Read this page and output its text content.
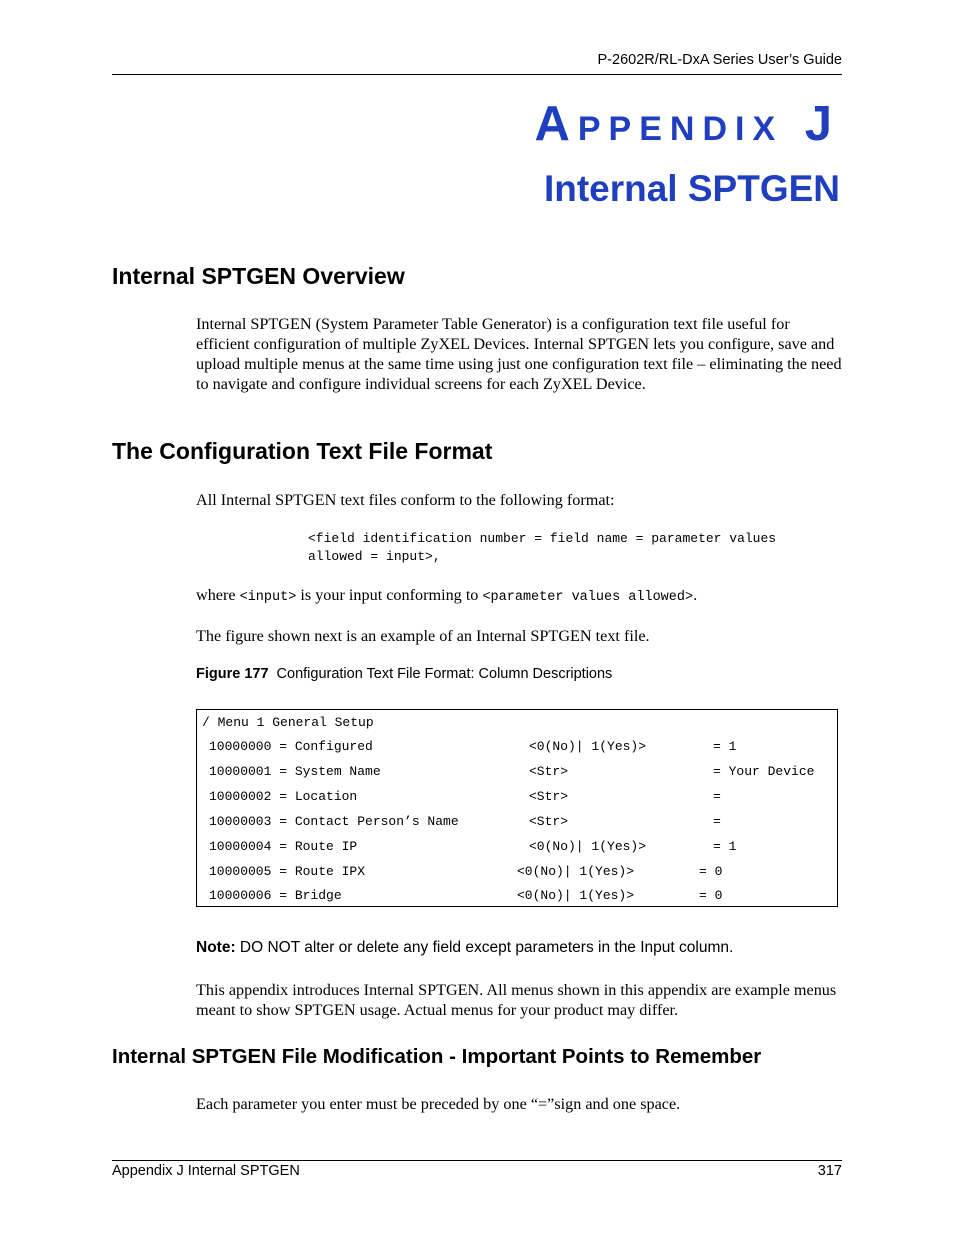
P-2602R/RL-DxA Series User’s Guide
Appendix J
Internal SPTGEN
Internal SPTGEN Overview
Internal SPTGEN (System Parameter Table Generator) is a configuration text file useful for efficient configuration of multiple ZyXEL Devices. Internal SPTGEN lets you configure, save and upload multiple menus at the same time using just one configuration text file – eliminating the need to navigate and configure individual screens for each ZyXEL Device.
The Configuration Text File Format
All Internal SPTGEN text files conform to the following format:
<field identification number = field name = parameter values
allowed = input>,
where <input> is your input conforming to <parameter values allowed>.
The figure shown next is an example of an Internal SPTGEN text file.
Figure 177 Configuration Text File Format: Column Descriptions
/ Menu 1 General Setup
10000000 = Configured	<0(No)| 1(Yes)>	= 1
10000001 = System Name	<Str>	= Your Device
10000002 = Location	<Str>	=
10000003 = Contact Person’s Name	<Str>	=
10000004 = Route IP	<0(No)| 1(Yes)>	= 1
10000005 = Route IPX	<0(No)| 1(Yes)>	= 0
10000006 = Bridge	<0(No)| 1(Yes)>	= 0
Note: DO NOT alter or delete any field except parameters in the Input column.
This appendix introduces Internal SPTGEN. All menus shown in this appendix are example menus meant to show SPTGEN usage. Actual menus for your product may differ.
Internal SPTGEN File Modification - Important Points to Remember
Each parameter you enter must be preceded by one “=”sign and one space.
Appendix J Internal SPTGEN	317
